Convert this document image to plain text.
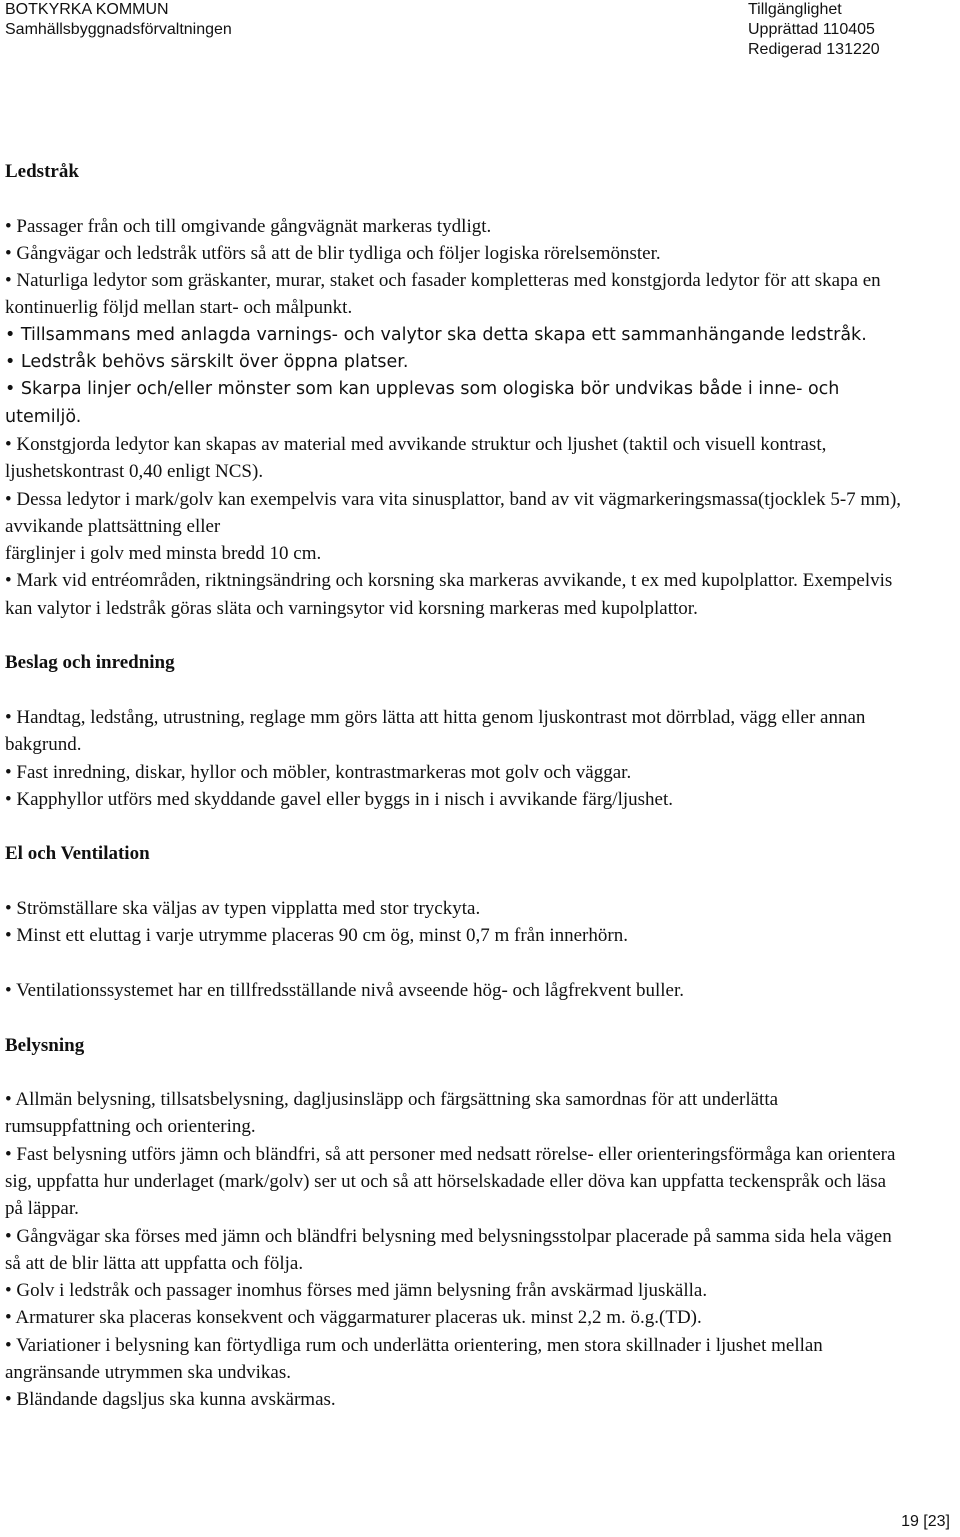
BOTKYRKA KOMMUN
Samhällsbyggnadsförvaltningen
Tillgänglighet
Upprättad 110405
Redigerad 131220
Ledstråk
• Passager från och till omgivande gångvägnät markeras tydligt.
• Gångvägar och ledstråk utförs så att de blir tydliga och följer logiska rörelsemönster.
• Naturliga ledytor som gräskanter, murar, staket och fasader kompletteras med konstgjorda ledytor för att skapa en kontinuerlig följd mellan start- och målpunkt.
• Tillsammans med anlagda varnings- och valytor ska detta skapa ett sammanhängande ledstråk.
• Ledstråk behövs särskilt över öppna platser.
• Skarpa linjer och/eller mönster som kan upplevas som ologiska bör undvikas både i inne- och utemiljö.
• Konstgjorda ledytor kan skapas av material med avvikande struktur och ljushet (taktil och visuell kontrast, ljushetskontrast 0,40 enligt NCS).
• Dessa ledytor i mark/golv kan exempelvis vara vita sinusplattor, band av vit vägmarkeringsmassa(tjocklek 5-7 mm), avvikande plattsättning eller
färglinjer i golv med minsta bredd 10 cm.
• Mark vid entréområden, riktningsändring och korsning ska markeras avvikande, t ex med kupolplattor. Exempelvis kan valytor i ledstråk göras släta och varningsytor vid korsning markeras med kupolplattor.
Beslag och inredning
• Handtag, ledstång, utrustning, reglage mm görs lätta att hitta genom ljuskontrast mot dörrblad, vägg eller annan bakgrund.
• Fast inredning, diskar, hyllor och möbler, kontrastmarkeras mot golv och väggar.
• Kapphyllor utförs med skyddande gavel eller byggs in i nisch i avvikande färg/ljushet.
El och Ventilation
• Strömställare ska väljas av typen vipplatta med stor tryckyta.
• Minst ett eluttag i varje utrymme placeras 90 cm ög, minst 0,7 m från innerhörn.
• Ventilationssystemet har en tillfredsställande nivå avseende hög- och lågfrekvent buller.
Belysning
• Allmän belysning, tillsatsbelysning, dagljusinsläpp och färgsättning ska samordnas för att underlätta rumsuppfattning och orientering.
• Fast belysning utförs jämn och bländfri, så att personer med nedsatt rörelse- eller orienteringsförmåga kan orientera sig, uppfatta hur underlaget (mark/golv) ser ut och så att hörselskadade eller döva kan uppfatta teckenspråk och läsa på läppar.
• Gångvägar ska förses med jämn och bländfri belysning med belysningsstolpar placerade på samma sida hela vägen så att de blir lätta att uppfatta och följa.
• Golv i ledstråk och passager inomhus förses med jämn belysning från avskärmad ljuskälla.
• Armaturer ska placeras konsekvent och väggarmaturer placeras uk. minst 2,2 m. ö.g.(TD).
• Variationer i belysning kan förtydliga rum och underlätta orientering, men stora skillnader i ljushet mellan angränsande utrymmen ska undvikas.
• Bländande dagsljus ska kunna avskärmas.
19 [23]
